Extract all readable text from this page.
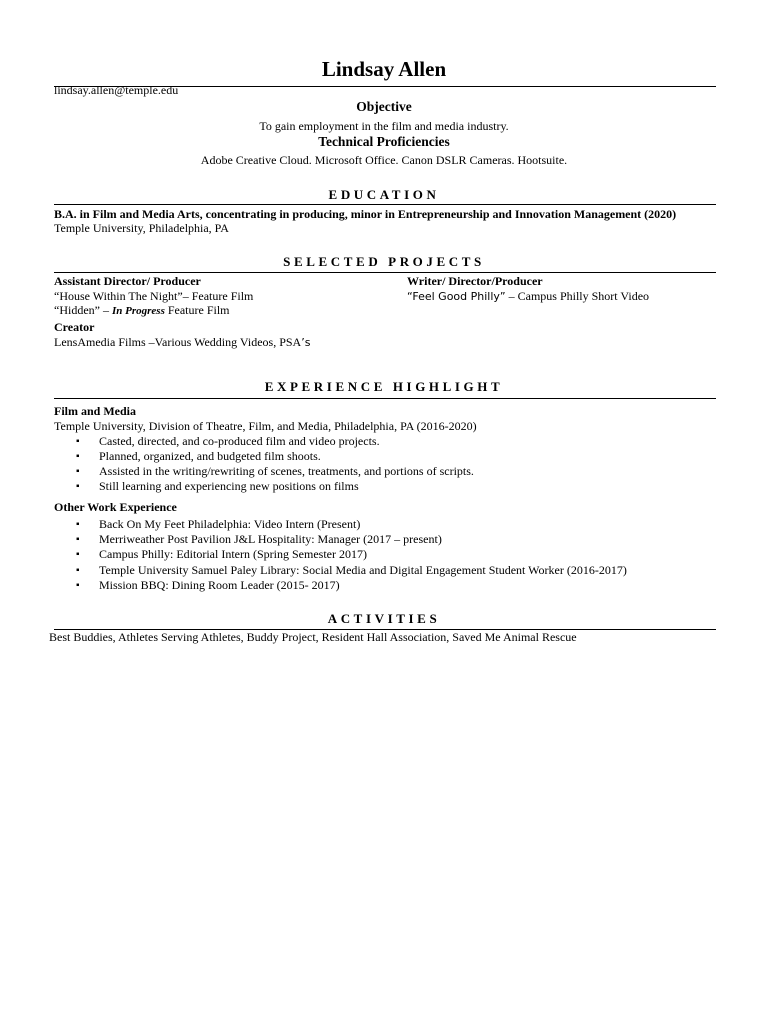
Lindsay Allen
lindsay.allen@temple.edu
Objective
To gain employment in the film and media industry.
Technical Proficiencies
Adobe Creative Cloud. Microsoft Office. Canon DSLR Cameras. Hootsuite.
EDUCATION
B.A. in Film and Media Arts, concentrating in producing, minor in Entrepreneurship and Innovation Management (2020)
Temple University, Philadelphia, PA
SELECTED PROJECTS
Assistant Director/ Producer
“House Within The Night”– Feature Film
“Hidden” – In Progress Feature Film
Creator
LensAmedia Films –Various Wedding Videos, PSA’s
Writer/ Director/Producer
“Feel Good Philly” – Campus Philly Short Video
EXPERIENCE HIGHLIGHT
Film and Media
Temple University, Division of Theatre, Film, and Media, Philadelphia, PA (2016-2020)
▪ Casted, directed, and co-produced film and video projects.
▪ Planned, organized, and budgeted film shoots.
▪ Assisted in the writing/rewriting of scenes, treatments, and portions of scripts.
▪ Still learning and experiencing new positions on films
Other Work Experience
▪ Back On My Feet Philadelphia: Video Intern (Present)
▪ Merriweather Post Pavilion J&L Hospitality: Manager (2017 – present)
▪ Campus Philly: Editorial Intern (Spring Semester 2017)
▪ Temple University Samuel Paley Library: Social Media and Digital Engagement Student Worker (2016-2017)
▪ Mission BBQ: Dining Room Leader (2015- 2017)
ACTIVITIES
Best Buddies, Athletes Serving Athletes, Buddy Project, Resident Hall Association, Saved Me Animal Rescue
